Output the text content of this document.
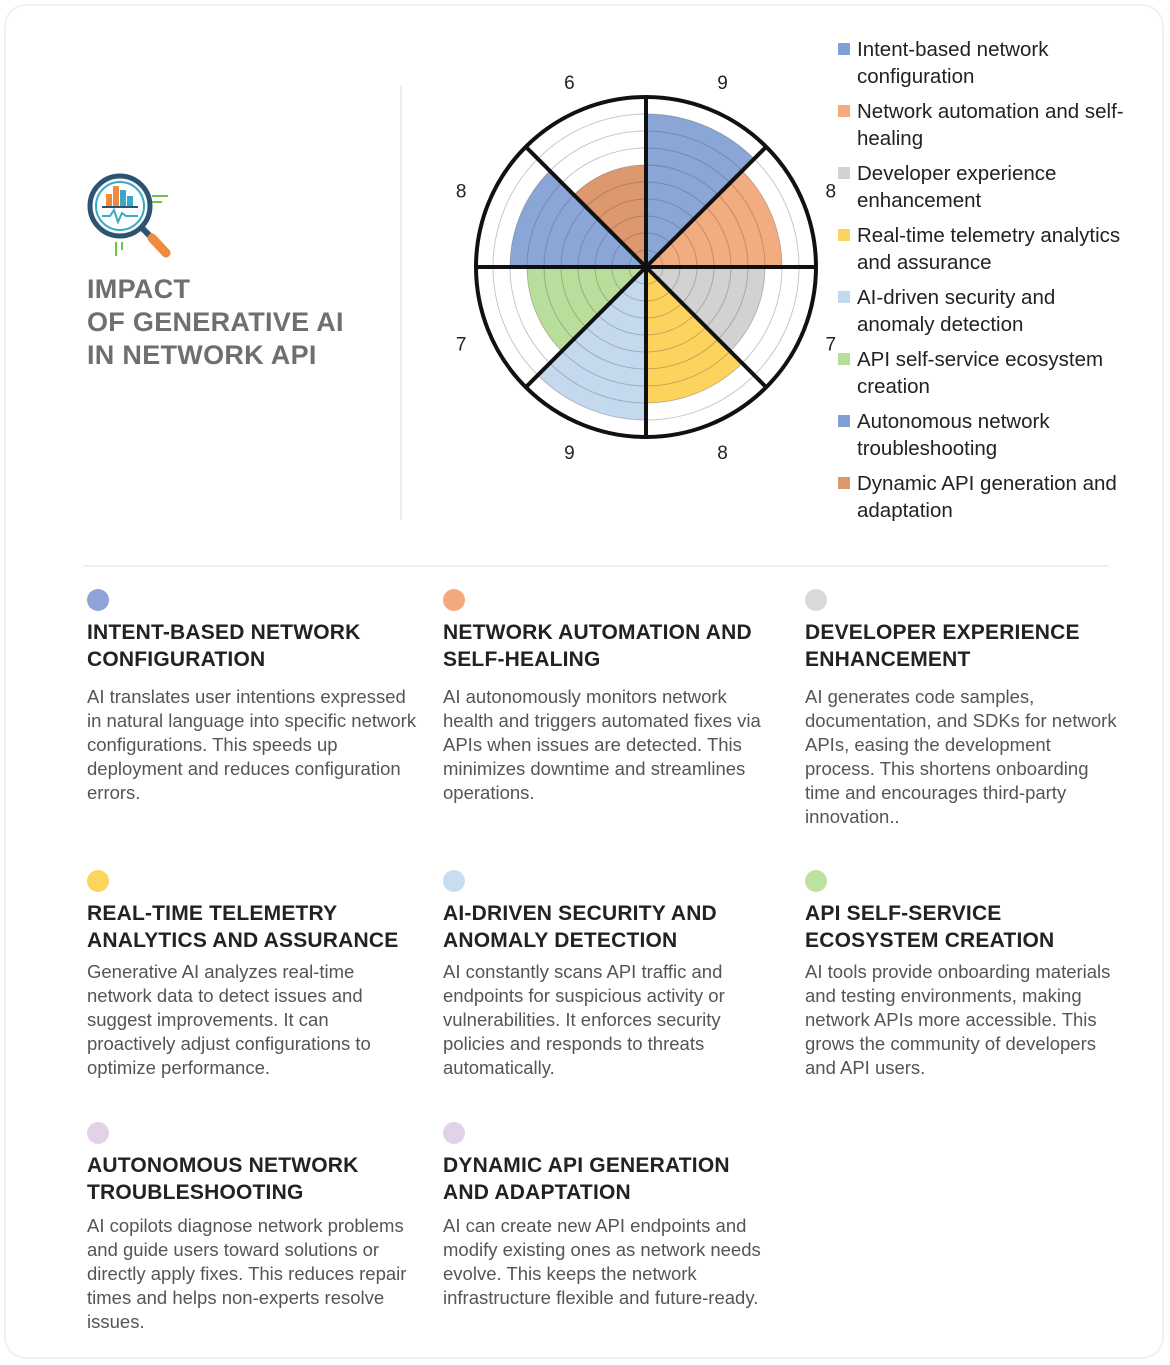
IMPACT
OF GENERATIVE AI
IN NETWORK API
9
8
7
8
9
7
8
6
Intent-based network configuration
Network automation and self-healing
Developer experience enhancement
Real-time telemetry analytics and assurance
AI-driven security and anomaly detection
API self-service ecosystem creation
Autonomous network troubleshooting
Dynamic API generation and adaptation
INTENT-BASED NETWORK CONFIGURATION
AI translates user intentions expressed in natural language into specific network configurations. This speeds up deployment and reduces configuration errors.
NETWORK AUTOMATION AND SELF-HEALING
AI autonomously monitors network health and triggers automated fixes via APIs when issues are detected. This minimizes downtime and streamlines operations.
DEVELOPER EXPERIENCE ENHANCEMENT
AI generates code samples, documentation, and SDKs for network APIs, easing the development process. This shortens onboarding time and encourages third-party innovation..
REAL-TIME TELEMETRY ANALYTICS AND ASSURANCE
Generative AI analyzes real-time network data to detect issues and suggest improvements. It can proactively adjust configurations to optimize performance.
AI-DRIVEN SECURITY AND ANOMALY DETECTION
AI constantly scans API traffic and endpoints for suspicious activity or vulnerabilities. It enforces security policies and responds to threats automatically.
API SELF-SERVICE ECOSYSTEM CREATION
AI tools provide onboarding materials and testing environments, making network APIs more accessible. This grows the community of developers and API users.
AUTONOMOUS NETWORK TROUBLESHOOTING
AI copilots diagnose network problems and guide users toward solutions or directly apply fixes. This reduces repair times and helps non-experts resolve issues.
DYNAMIC API GENERATION AND ADAPTATION
AI can create new API endpoints and modify existing ones as network needs evolve. This keeps the network infrastructure flexible and future-ready.
